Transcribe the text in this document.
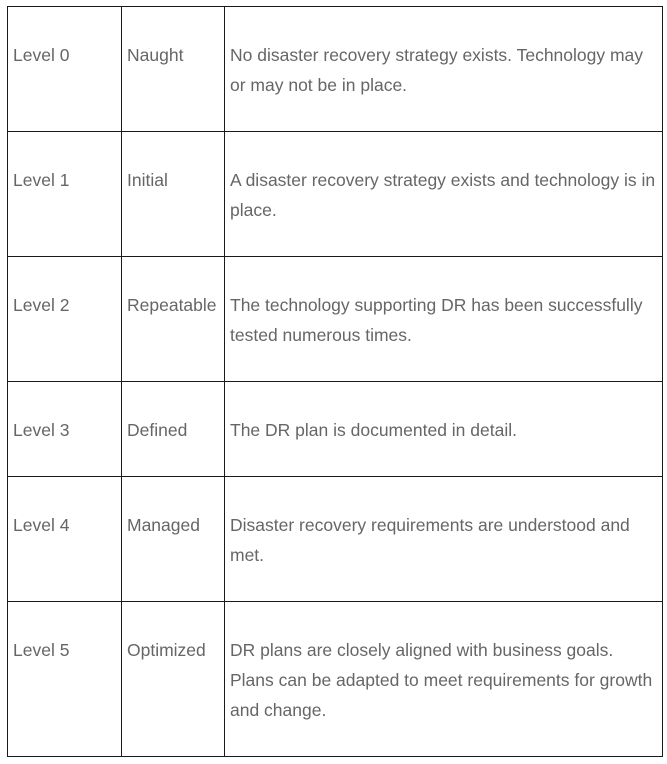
Level 0	Naught	No disaster recovery strategy exists. Technology may or may not be in place.
Level 1	Initial	A disaster recovery strategy exists and technology is in place.
Level 2	Repeatable	The technology supporting DR has been successfully tested numerous times.
Level 3	Defined	The DR plan is documented in detail.
Level 4	Managed	Disaster recovery requirements are understood and met.
Level 5	Optimized	DR plans are closely aligned with business goals. Plans can be adapted to meet requirements for growth and change.
